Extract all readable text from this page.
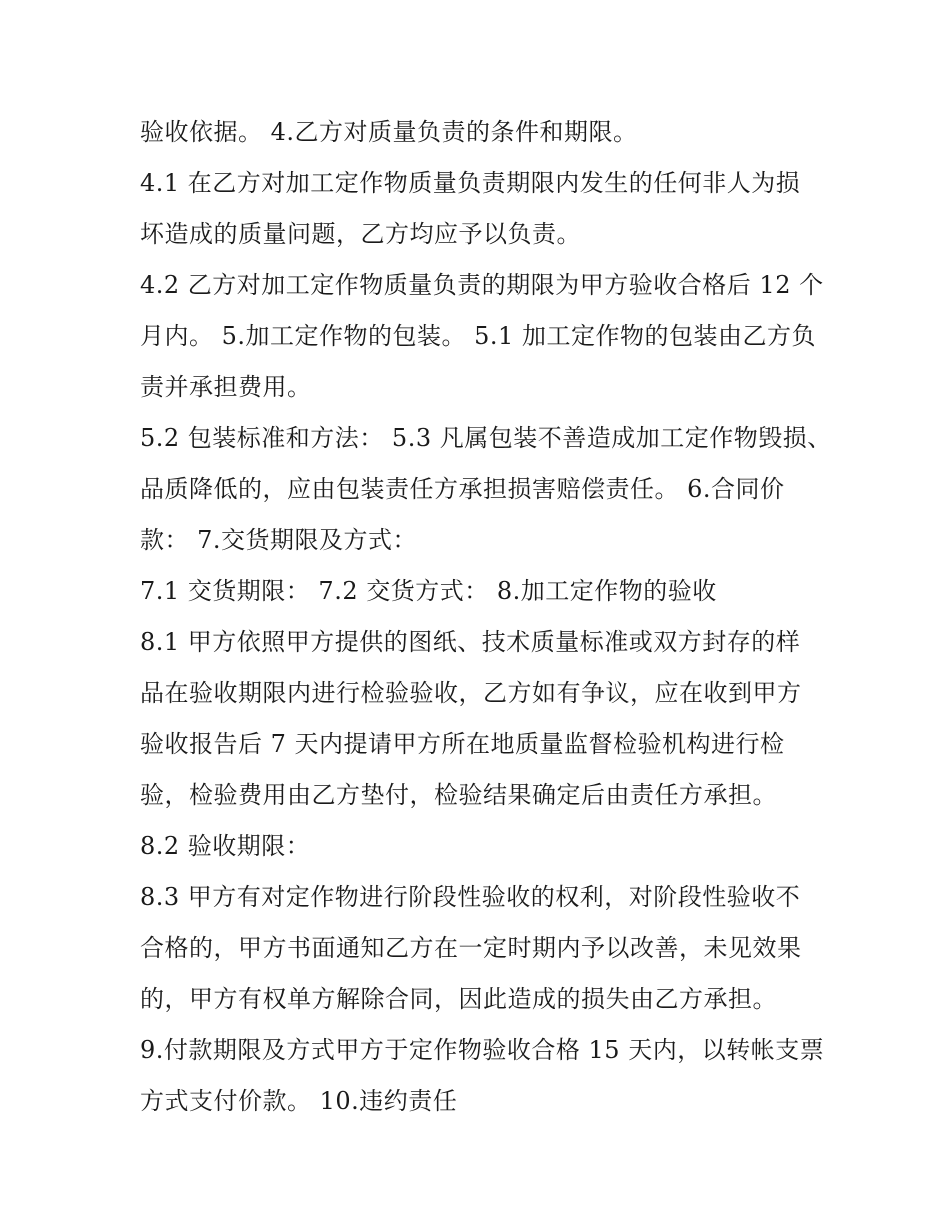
验收依据。 4.乙方对质量负责的条件和期限。
4.1 在乙方对加工定作物质量负责期限内发生的任何非人为损
坏造成的质量问题，乙方均应予以负责。
4.2 乙方对加工定作物质量负责的期限为甲方验收合格后 12 个
月内。 5.加工定作物的包装。 5.1 加工定作物的包装由乙方负
责并承担费用。
5.2 包装标准和方法： 5.3 凡属包装不善造成加工定作物毁损、
品质降低的，应由包装责任方承担损害赔偿责任。 6.合同价
款： 7.交货期限及方式：
7.1 交货期限： 7.2 交货方式： 8.加工定作物的验收
8.1 甲方依照甲方提供的图纸、技术质量标准或双方封存的样
品在验收期限内进行检验验收，乙方如有争议，应在收到甲方
验收报告后 7 天内提请甲方所在地质量监督检验机构进行检
验，检验费用由乙方垫付，检验结果确定后由责任方承担。
8.2 验收期限：
8.3 甲方有对定作物进行阶段性验收的权利，对阶段性验收不
合格的，甲方书面通知乙方在一定时期内予以改善，未见效果
的，甲方有权单方解除合同，因此造成的损失由乙方承担。
9.付款期限及方式甲方于定作物验收合格 15 天内，以转帐支票
方式支付价款。 10.违约责任
